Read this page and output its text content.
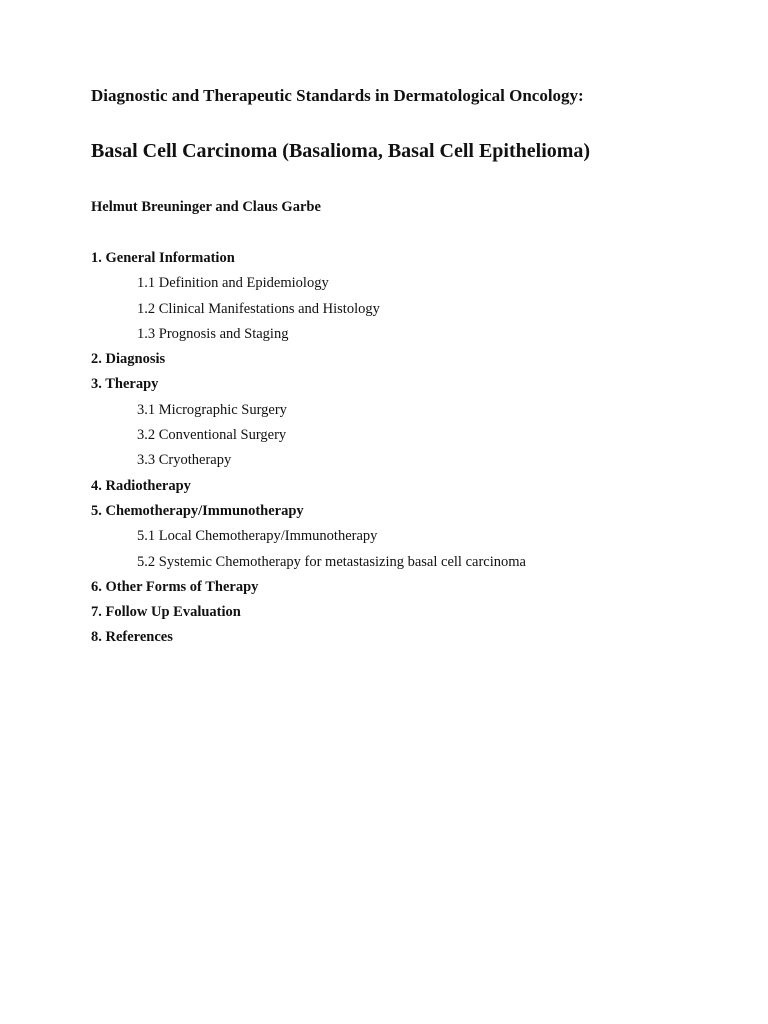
Diagnostic and Therapeutic Standards in Dermatological Oncology:
Basal Cell Carcinoma (Basalioma, Basal Cell Epithelioma)
Helmut Breuninger and Claus Garbe
1. General Information
1.1 Definition and Epidemiology
1.2 Clinical Manifestations and Histology
1.3 Prognosis and Staging
2. Diagnosis
3. Therapy
3.1 Micrographic Surgery
3.2 Conventional Surgery
3.3 Cryotherapy
4. Radiotherapy
5. Chemotherapy/Immunotherapy
5.1 Local Chemotherapy/Immunotherapy
5.2 Systemic Chemotherapy for metastasizing basal cell carcinoma
6. Other Forms of Therapy
7. Follow Up Evaluation
8. References
